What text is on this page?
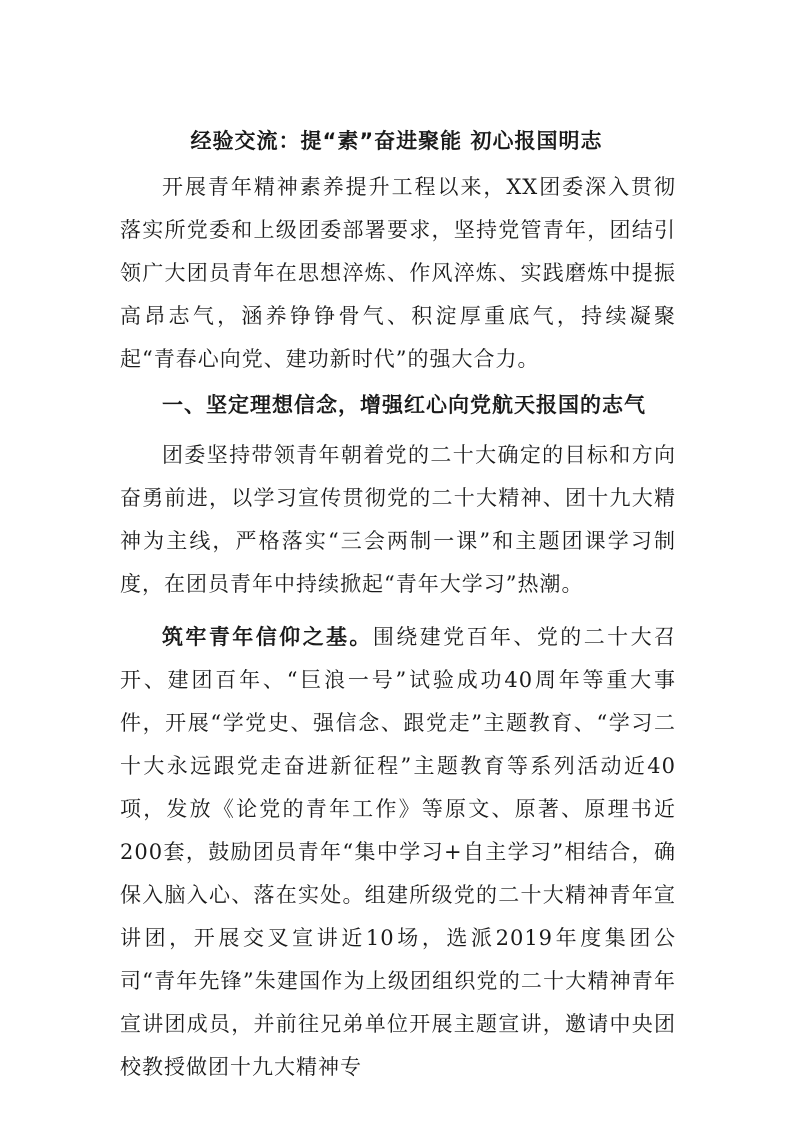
经验交流：提“素”奋进聚能 初心报国明志
开展青年精神素养提升工程以来，XX团委深入贯彻落实所党委和上级团委部署要求，坚持党管青年，团结引领广大团员青年在思想淬炼、作风淬炼、实践磨炼中提振高昂志气，涵养铮铮骨气、积淀厚重底气，持续凝聚起“青春心向党、建功新时代”的强大合力。
一、坚定理想信念，增强红心向党航天报国的志气
团委坚持带领青年朝着党的二十大确定的目标和方向奋勇前进，以学习宣传贯彻党的二十大精神、团十九大精神为主线，严格落实“三会两制一课”和主题团课学习制度，在团员青年中持续掀起“青年大学习”热潮。
筑牢青年信仰之基。围绕建党百年、党的二十大召开、建团百年、“巨浪一号”试验成功40周年等重大事件，开展“学党史、强信念、跟党走”主题教育、“学习二十大永远跟党走奋进新征程”主题教育等系列活动近40项，发放《论党的青年工作》等原文、原著、原理书近200套，鼓励团员青年“集中学习+自主学习”相结合，确保入脑入心、落在实处。组建所级党的二十大精神青年宣讲团，开展交叉宣讲近10场，选派2019年度集团公司“青年先锋”朱建国作为上级团组织党的二十大精神青年宣讲团成员，并前往兄弟单位开展主题宣讲，邀请中央团校教授做团十九大精神专
